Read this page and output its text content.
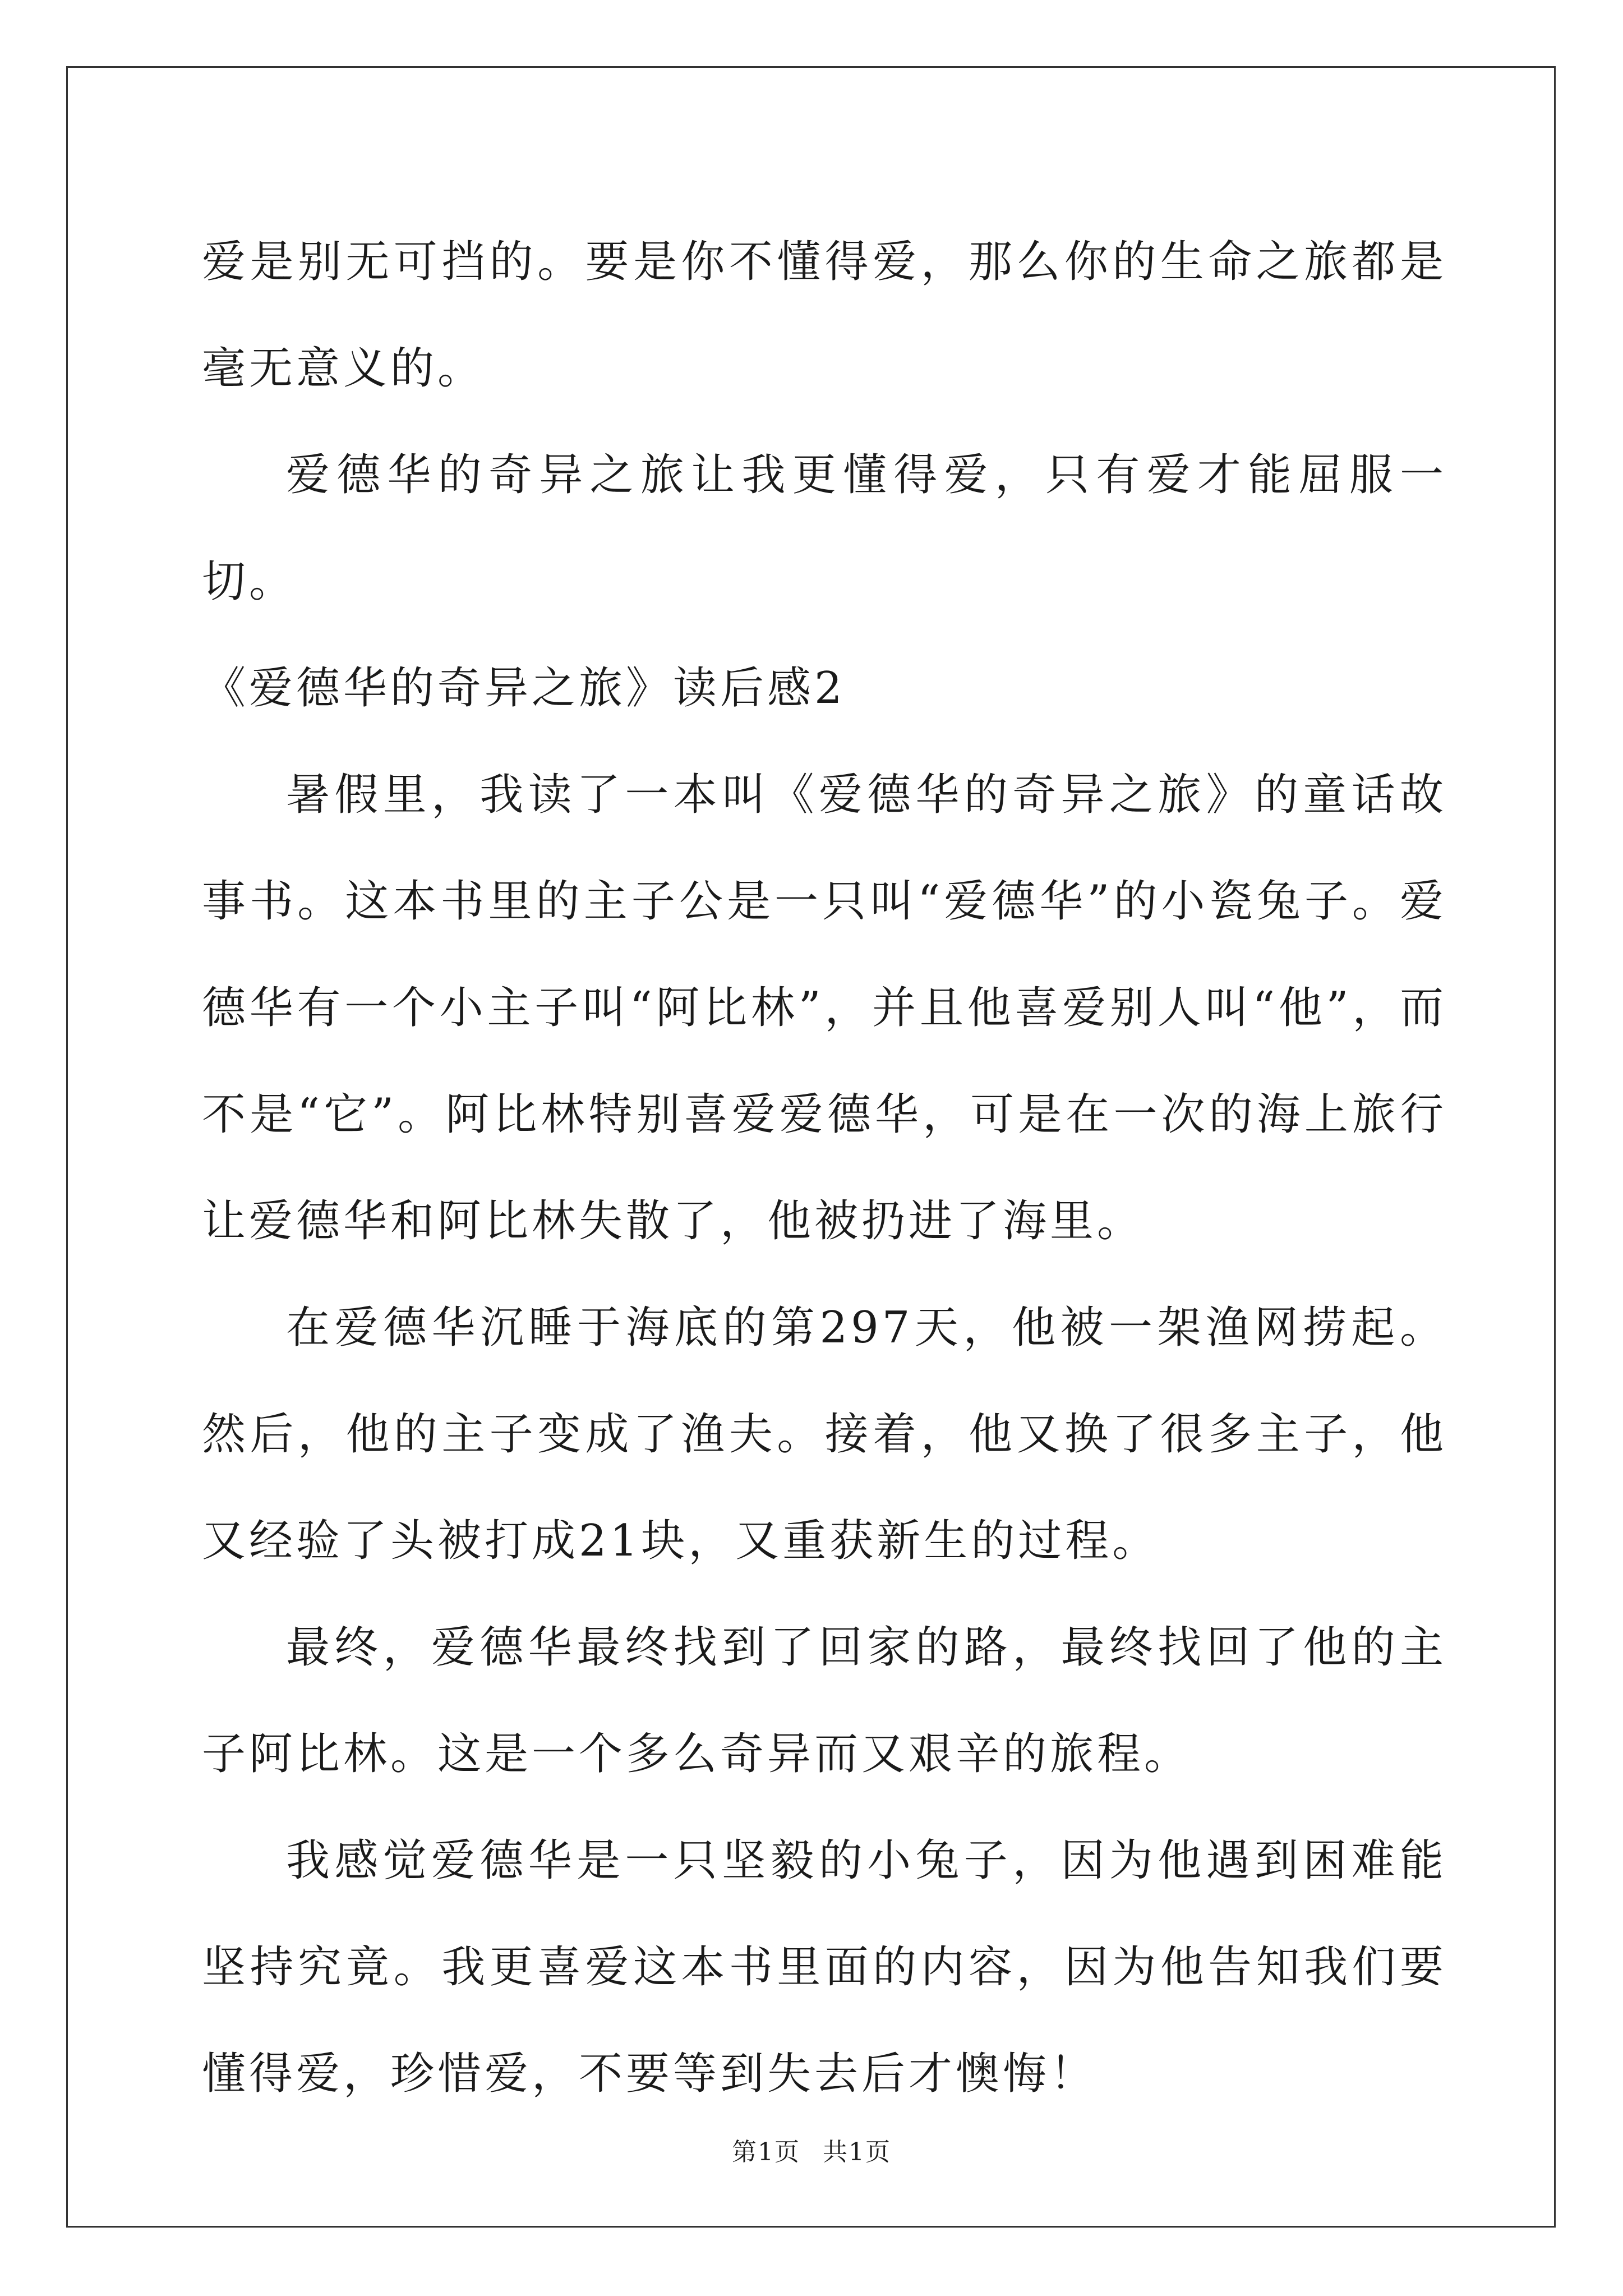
爱是别无可挡的。要是你不懂得爱，那么你的生命之旅都是毫无意义的。

爱德华的奇异之旅让我更懂得爱，只有爱才能屈服一切。

《爱德华的奇异之旅》读后感2

暑假里，我读了一本叫《爱德华的奇异之旅》的童话故事书。这本书里的主子公是一只叫“爱德华”的小瓷兔子。爱德华有一个小主子叫“阿比林”，并且他喜爱别人叫“他”，而不是“它”。阿比林特别喜爱爱德华，可是在一次的海上旅行让爱德华和阿比林失散了，他被扔进了海里。

在爱德华沉睡于海底的第297天，他被一架渔网捞起。然后，他的主子变成了渔夫。接着，他又换了很多主子，他又经验了头被打成21块，又重获新生的过程。

最终，爱德华最终找到了回家的路，最终找回了他的主子阿比林。这是一个多么奇异而又艰辛的旅程。

我感觉爱德华是一只坚毅的小兔子，因为他遇到困难能坚持究竟。我更喜爱这本书里面的内容，因为他告知我们要懂得爱，珍惜爱，不要等到失去后才懊悔！

第1页 共1页
